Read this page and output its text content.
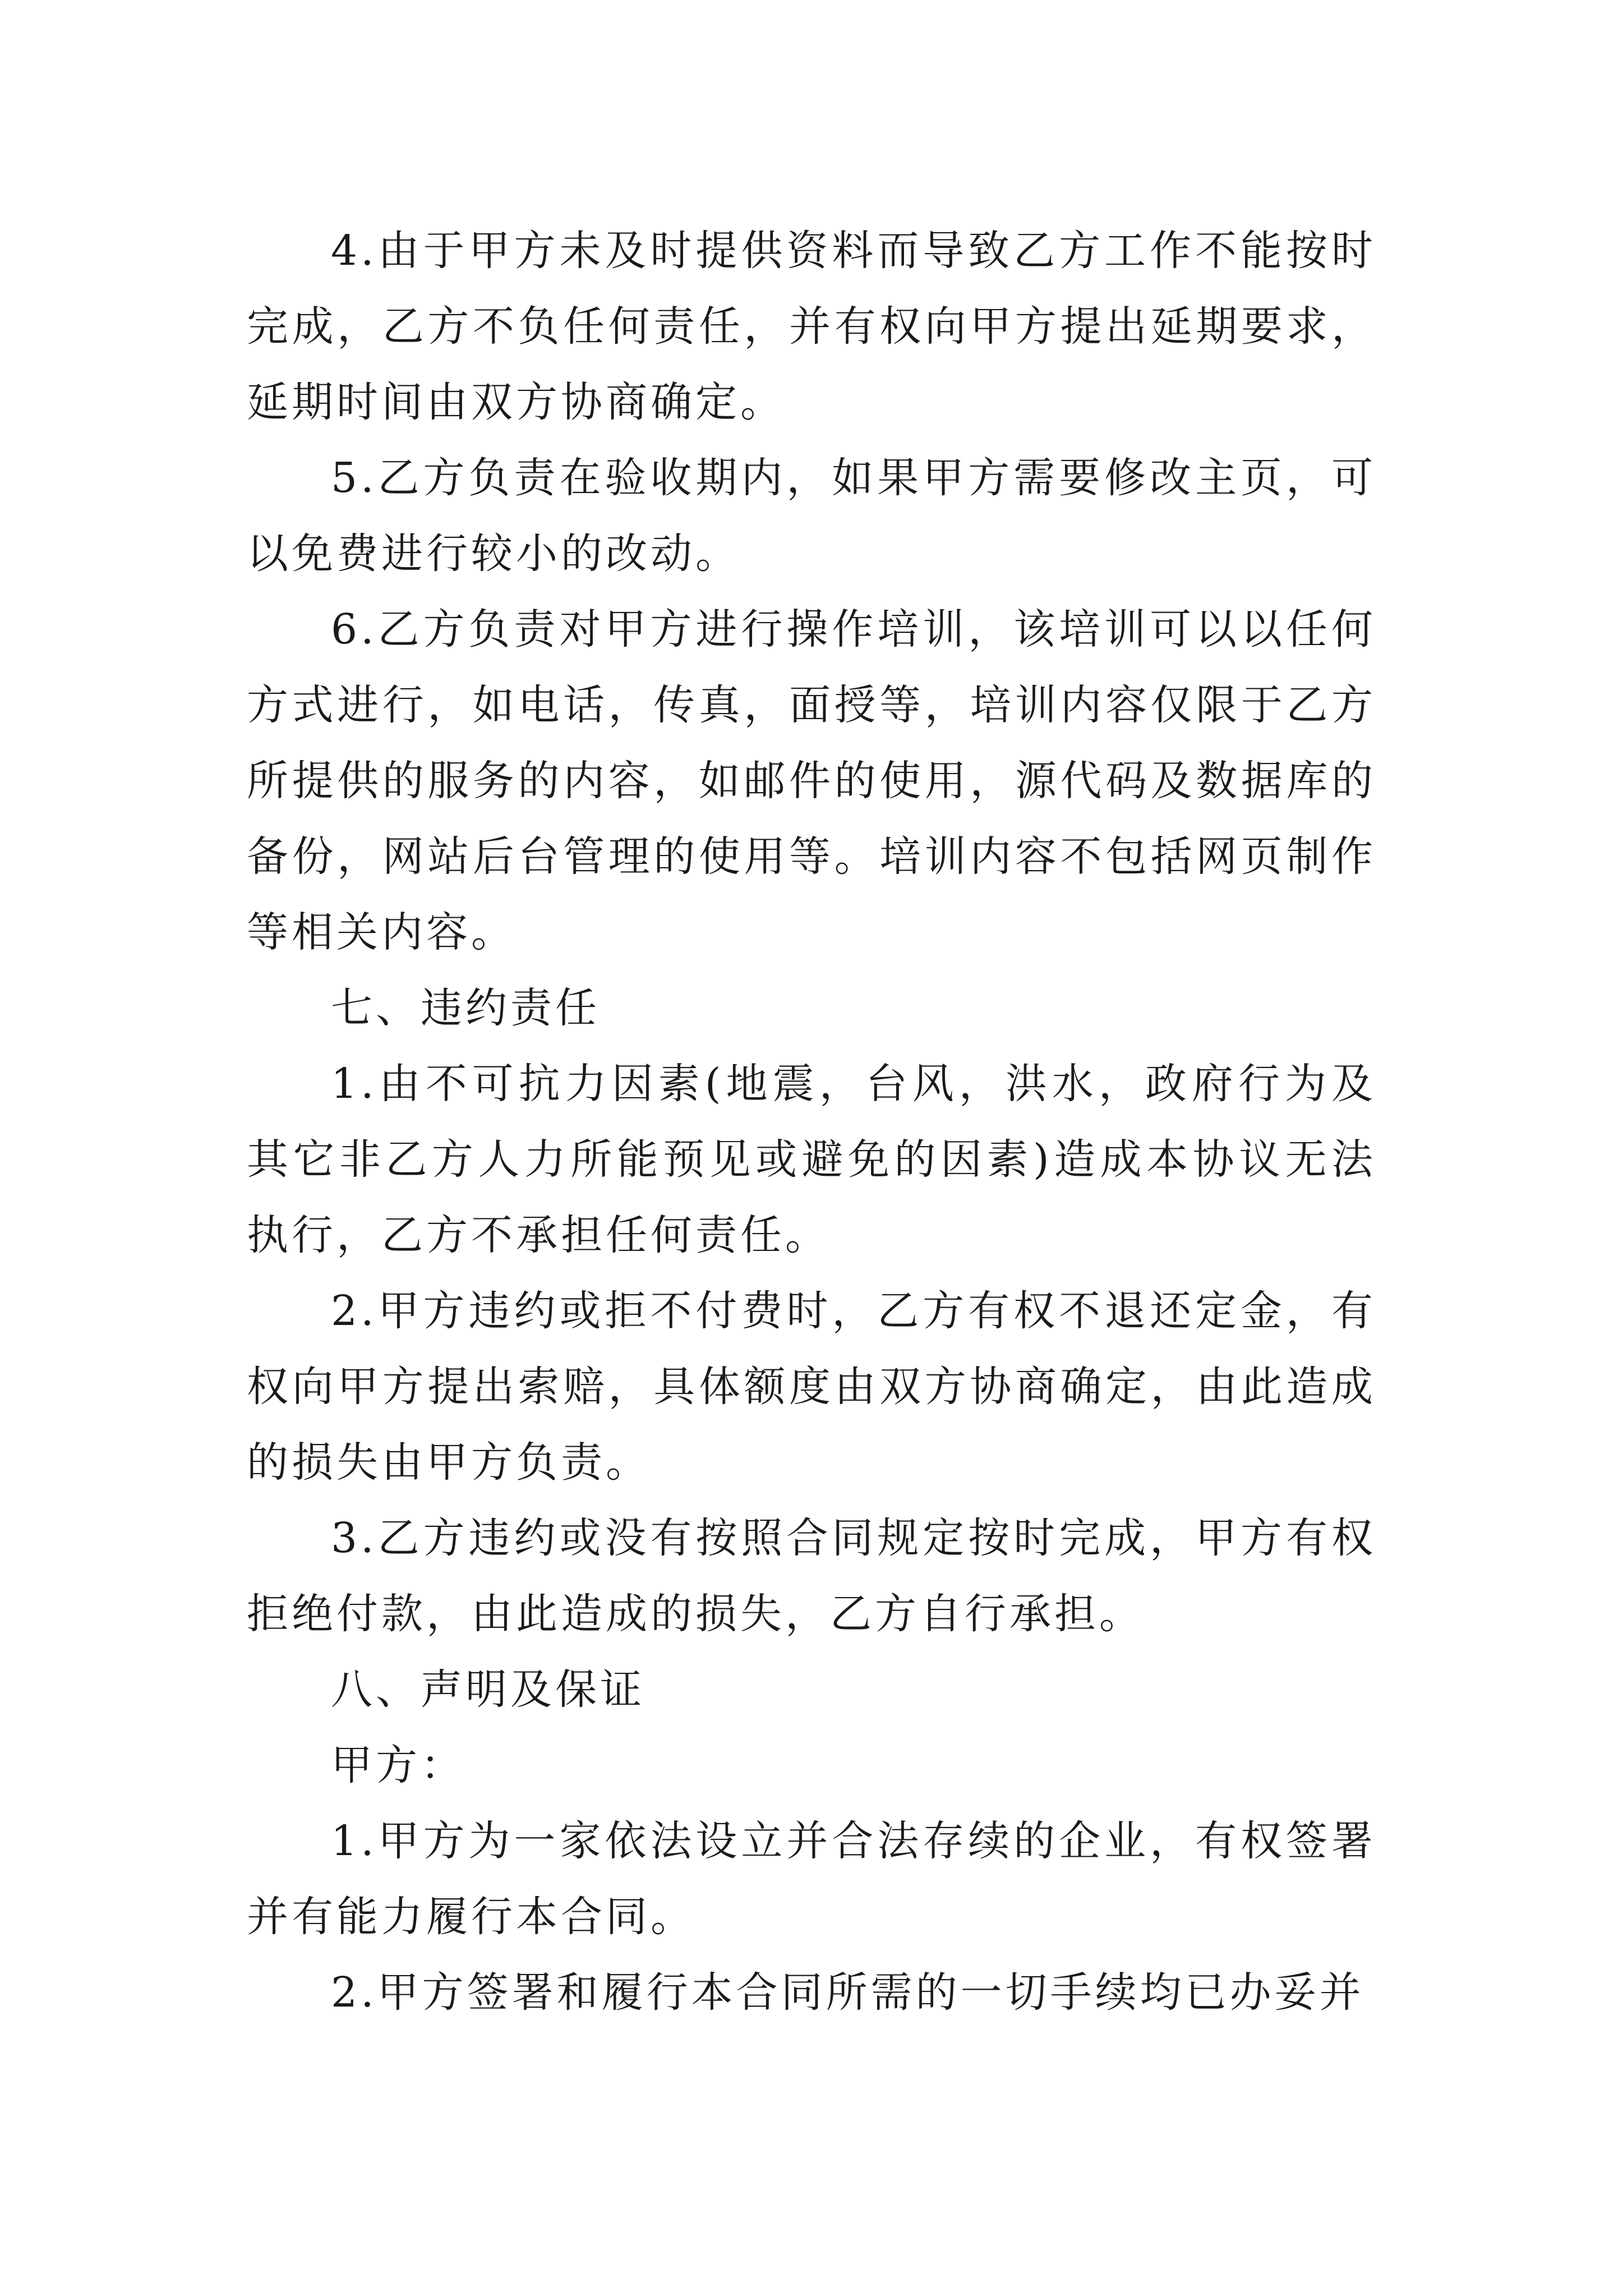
4.由于甲方未及时提供资料而导致乙方工作不能按时完成，乙方不负任何责任，并有权向甲方提出延期要求，延期时间由双方协商确定。

5.乙方负责在验收期内，如果甲方需要修改主页，可以免费进行较小的改动。

6.乙方负责对甲方进行操作培训，该培训可以以任何方式进行，如电话，传真，面授等，培训内容仅限于乙方所提供的服务的内容，如邮件的使用，源代码及数据库的备份，网站后台管理的使用等。培训内容不包括网页制作等相关内容。

七、违约责任

1.由不可抗力因素(地震，台风，洪水，政府行为及其它非乙方人力所能预见或避免的因素)造成本协议无法执行，乙方不承担任何责任。

2.甲方违约或拒不付费时，乙方有权不退还定金，有权向甲方提出索赔，具体额度由双方协商确定，由此造成的损失由甲方负责。

3.乙方违约或没有按照合同规定按时完成，甲方有权拒绝付款，由此造成的损失，乙方自行承担。

八、声明及保证

甲方：

1.甲方为一家依法设立并合法存续的企业，有权签署并有能力履行本合同。

2.甲方签署和履行本合同所需的一切手续均已办妥并
